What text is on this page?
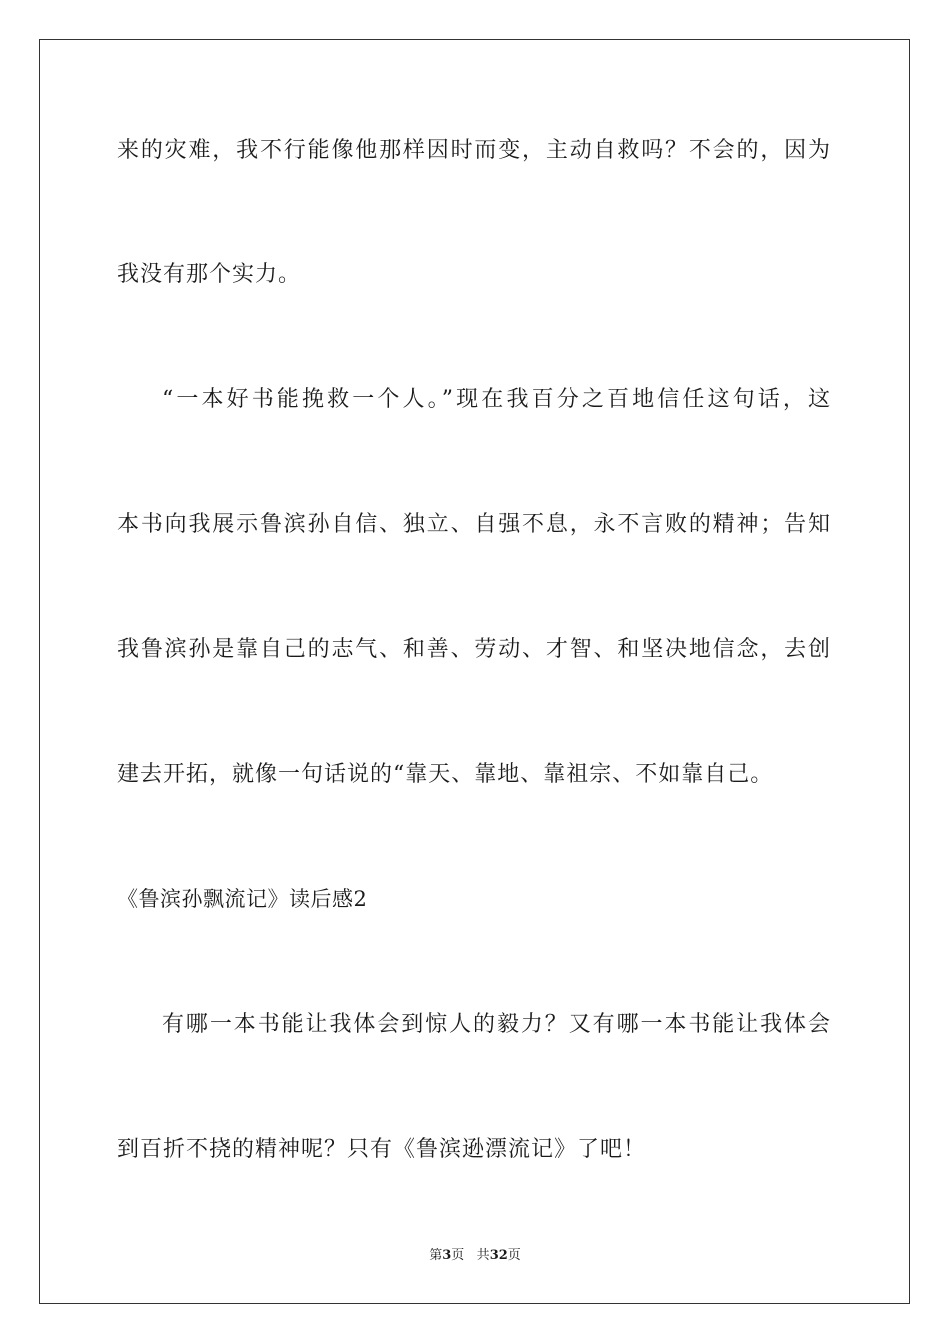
来的灾难，我不行能像他那样因时而变，主动自救吗？不会的，因为
我没有那个实力。
“一本好书能挽救一个人。”现在我百分之百地信任这句话，这
本书向我展示鲁滨孙自信、独立、自强不息，永不言败的精神；告知
我鲁滨孙是靠自己的志气、和善、劳动、才智、和坚决地信念，去创
建去开拓，就像一句话说的“靠天、靠地、靠祖宗、不如靠自己。
《鲁滨孙飘流记》读后感2
有哪一本书能让我体会到惊人的毅力？又有哪一本书能让我体会
到百折不挠的精神呢？只有《鲁滨逊漂流记》了吧！
第3页 共32页
